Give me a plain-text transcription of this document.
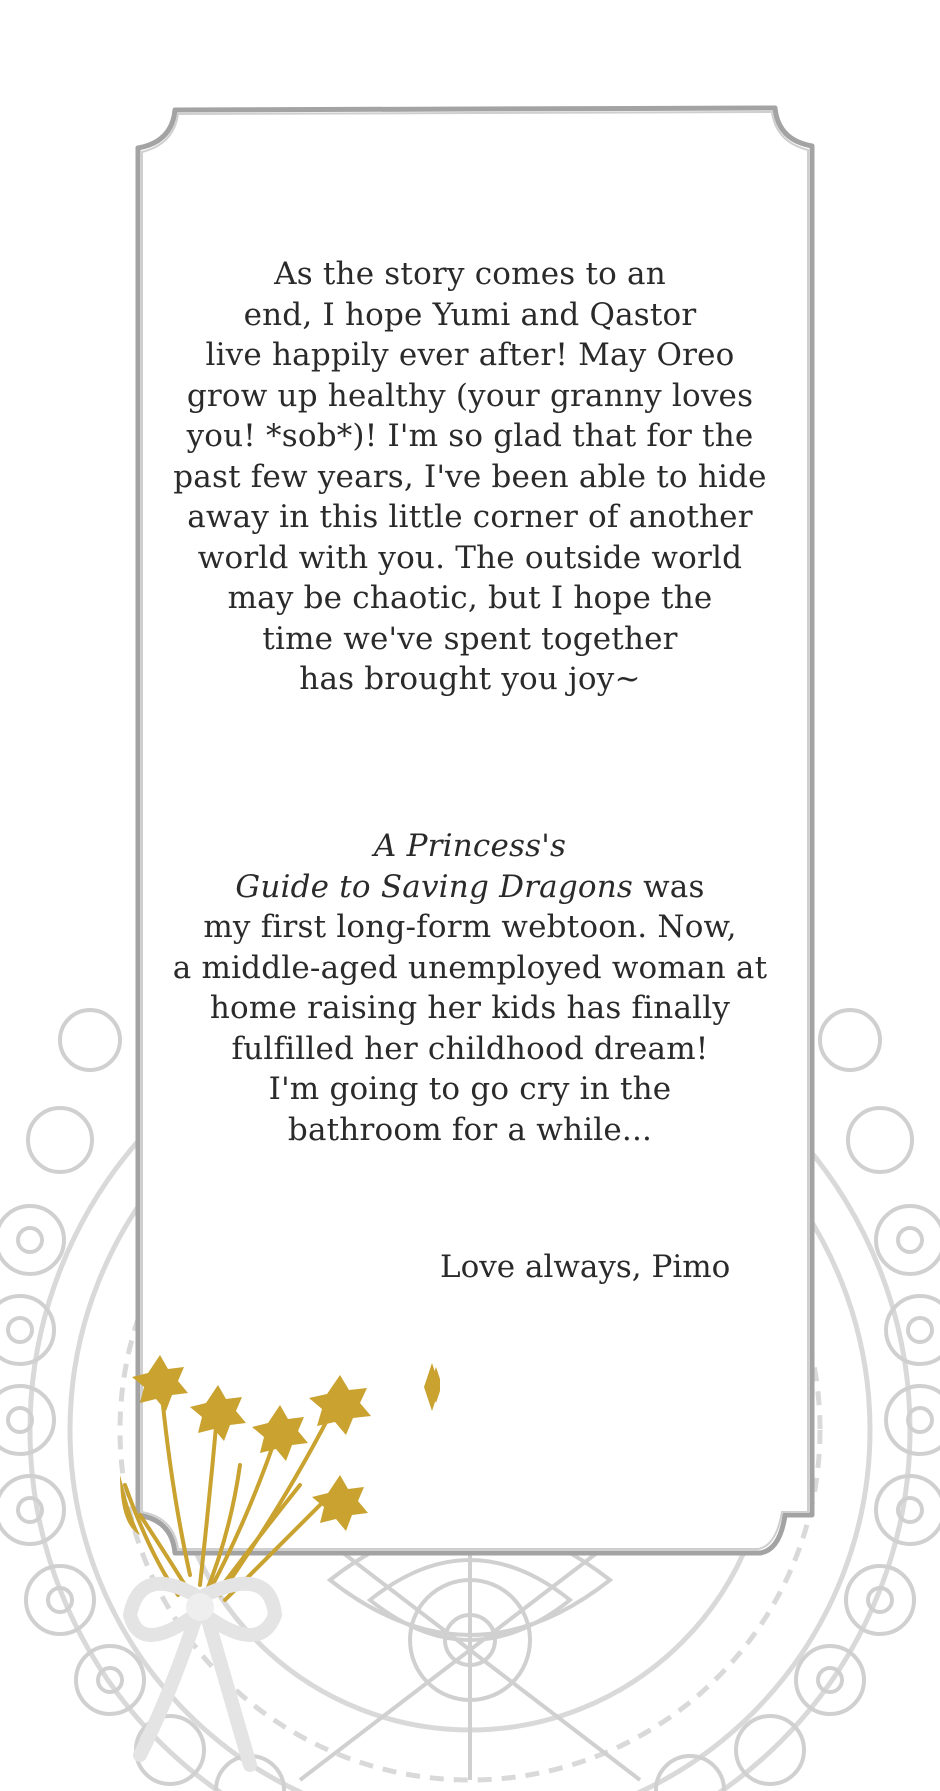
As the story comes to an
end, I hope Yumi and Qastor
live happily ever after! May Oreo
grow up healthy (your granny loves
you! *sob*)! I'm so glad that for the
past few years, I've been able to hide
away in this little corner of another
world with you. The outside world
may be chaotic, but I hope the
time we've spent together
has brought you joy~
A Princess's
Guide to Saving Dragons was
my first long-form webtoon. Now,
a middle-aged unemployed woman at
home raising her kids has finally
fulfilled her childhood dream!
I'm going to go cry in the
bathroom for a while...
Love always, Pimo
